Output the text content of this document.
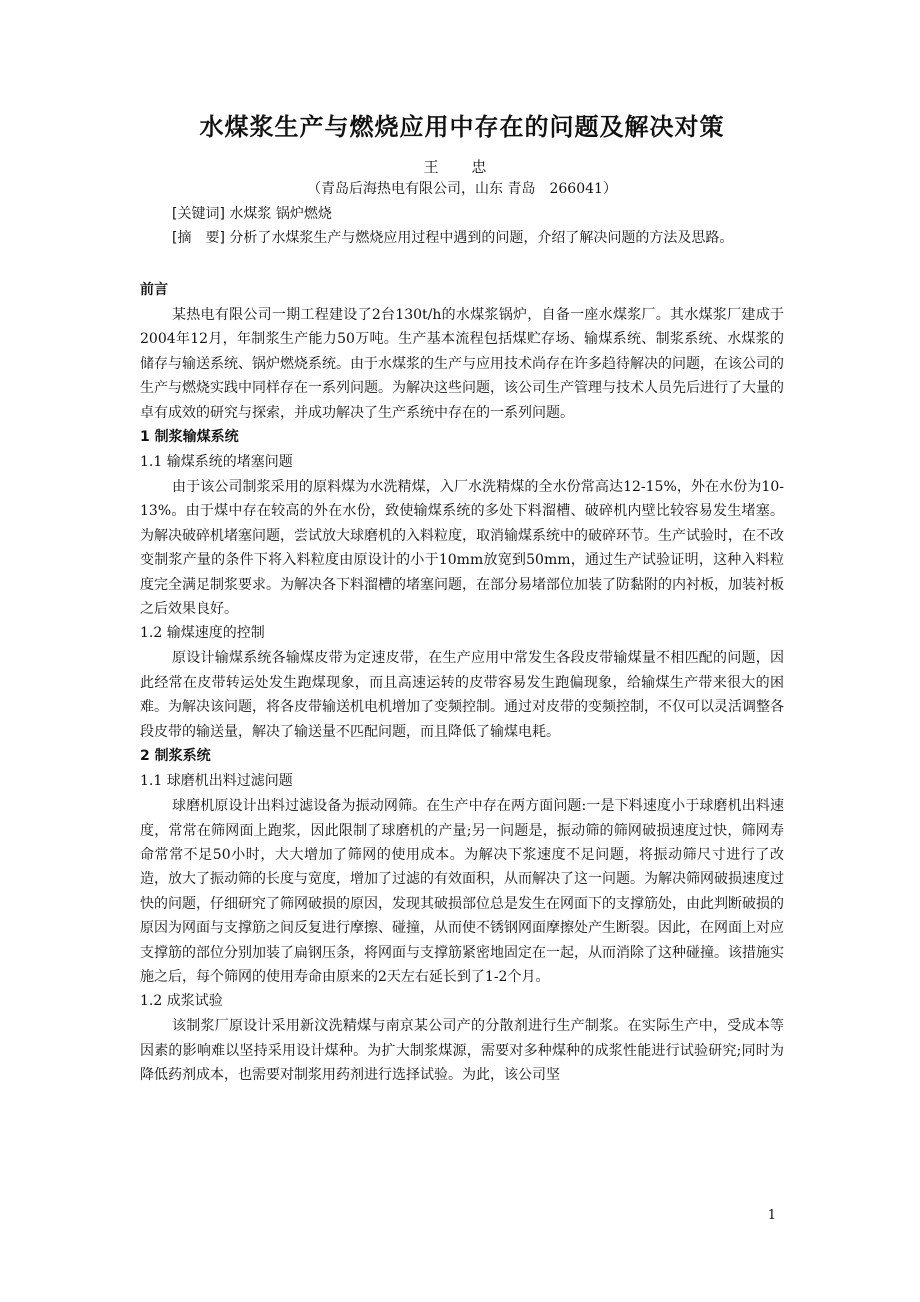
水煤浆生产与燃烧应用中存在的问题及解决对策

王 忠

（青岛后海热电有限公司，山东 青岛　266041）

[关键词] 水煤浆 锅炉燃烧

[摘　要] 分析了水煤浆生产与燃烧应用过程中遇到的问题，介绍了解决问题的方法及思路。

前言

某热电有限公司一期工程建设了2台130t/h的水煤浆锅炉，自备一座水煤浆厂。其水煤浆厂建成于2004年12月，年制浆生产能力50万吨。生产基本流程包括煤贮存场、输煤系统、制浆系统、水煤浆的储存与输送系统、锅炉燃烧系统。由于水煤浆的生产与应用技术尚存在许多趋待解决的问题，在该公司的生产与燃烧实践中同样存在一系列问题。为解决这些问题，该公司生产管理与技术人员先后进行了大量的卓有成效的研究与探索，并成功解决了生产系统中存在的一系列问题。

1 制浆输煤系统

1.1 输煤系统的堵塞问题

由于该公司制浆采用的原料煤为水洗精煤，入厂水洗精煤的全水份常高达12-15%，外在水份为10-13%。由于煤中存在较高的外在水份，致使输煤系统的多处下料溜槽、破碎机内壁比较容易发生堵塞。为解决破碎机堵塞问题，尝试放大球磨机的入料粒度，取消输煤系统中的破碎环节。生产试验时，在不改变制浆产量的条件下将入料粒度由原设计的小于10mm放宽到50mm，通过生产试验证明，这种入料粒度完全满足制浆要求。为解决各下料溜槽的堵塞问题，在部分易堵部位加装了防黏附的内衬板，加装衬板之后效果良好。

1.2 输煤速度的控制

原设计输煤系统各输煤皮带为定速皮带，在生产应用中常发生各段皮带输煤量不相匹配的问题，因此经常在皮带转运处发生跑煤现象，而且高速运转的皮带容易发生跑偏现象，给输煤生产带来很大的困难。为解决该问题，将各皮带输送机电机增加了变频控制。通过对皮带的变频控制，不仅可以灵活调整各段皮带的输送量，解决了输送量不匹配问题，而且降低了输煤电耗。

2 制浆系统

1.1 球磨机出料过滤问题

球磨机原设计出料过滤设备为振动网筛。在生产中存在两方面问题:一是下料速度小于球磨机出料速度，常常在筛网面上跑浆，因此限制了球磨机的产量;另一问题是，振动筛的筛网破损速度过快，筛网寿命常常不足50小时，大大增加了筛网的使用成本。为解决下浆速度不足问题，将振动筛尺寸进行了改造，放大了振动筛的长度与宽度，增加了过滤的有效面积，从而解决了这一问题。为解决筛网破损速度过快的问题，仔细研究了筛网破损的原因，发现其破损部位总是发生在网面下的支撑筋处，由此判断破损的原因为网面与支撑筋之间反复进行摩擦、碰撞，从而使不锈钢网面摩擦处产生断裂。因此，在网面上对应支撑筋的部位分别加装了扁钢压条，将网面与支撑筋紧密地固定在一起，从而消除了这种碰撞。该措施实施之后，每个筛网的使用寿命由原来的2天左右延长到了1-2个月。

1.2 成浆试验

该制浆厂原设计采用新汶洗精煤与南京某公司产的分散剂进行生产制浆。在实际生产中，受成本等因素的影响难以坚持采用设计煤种。为扩大制浆煤源，需要对多种煤种的成浆性能进行试验研究;同时为降低药剂成本，也需要对制浆用药剂进行选择试验。为此，该公司坚

1
